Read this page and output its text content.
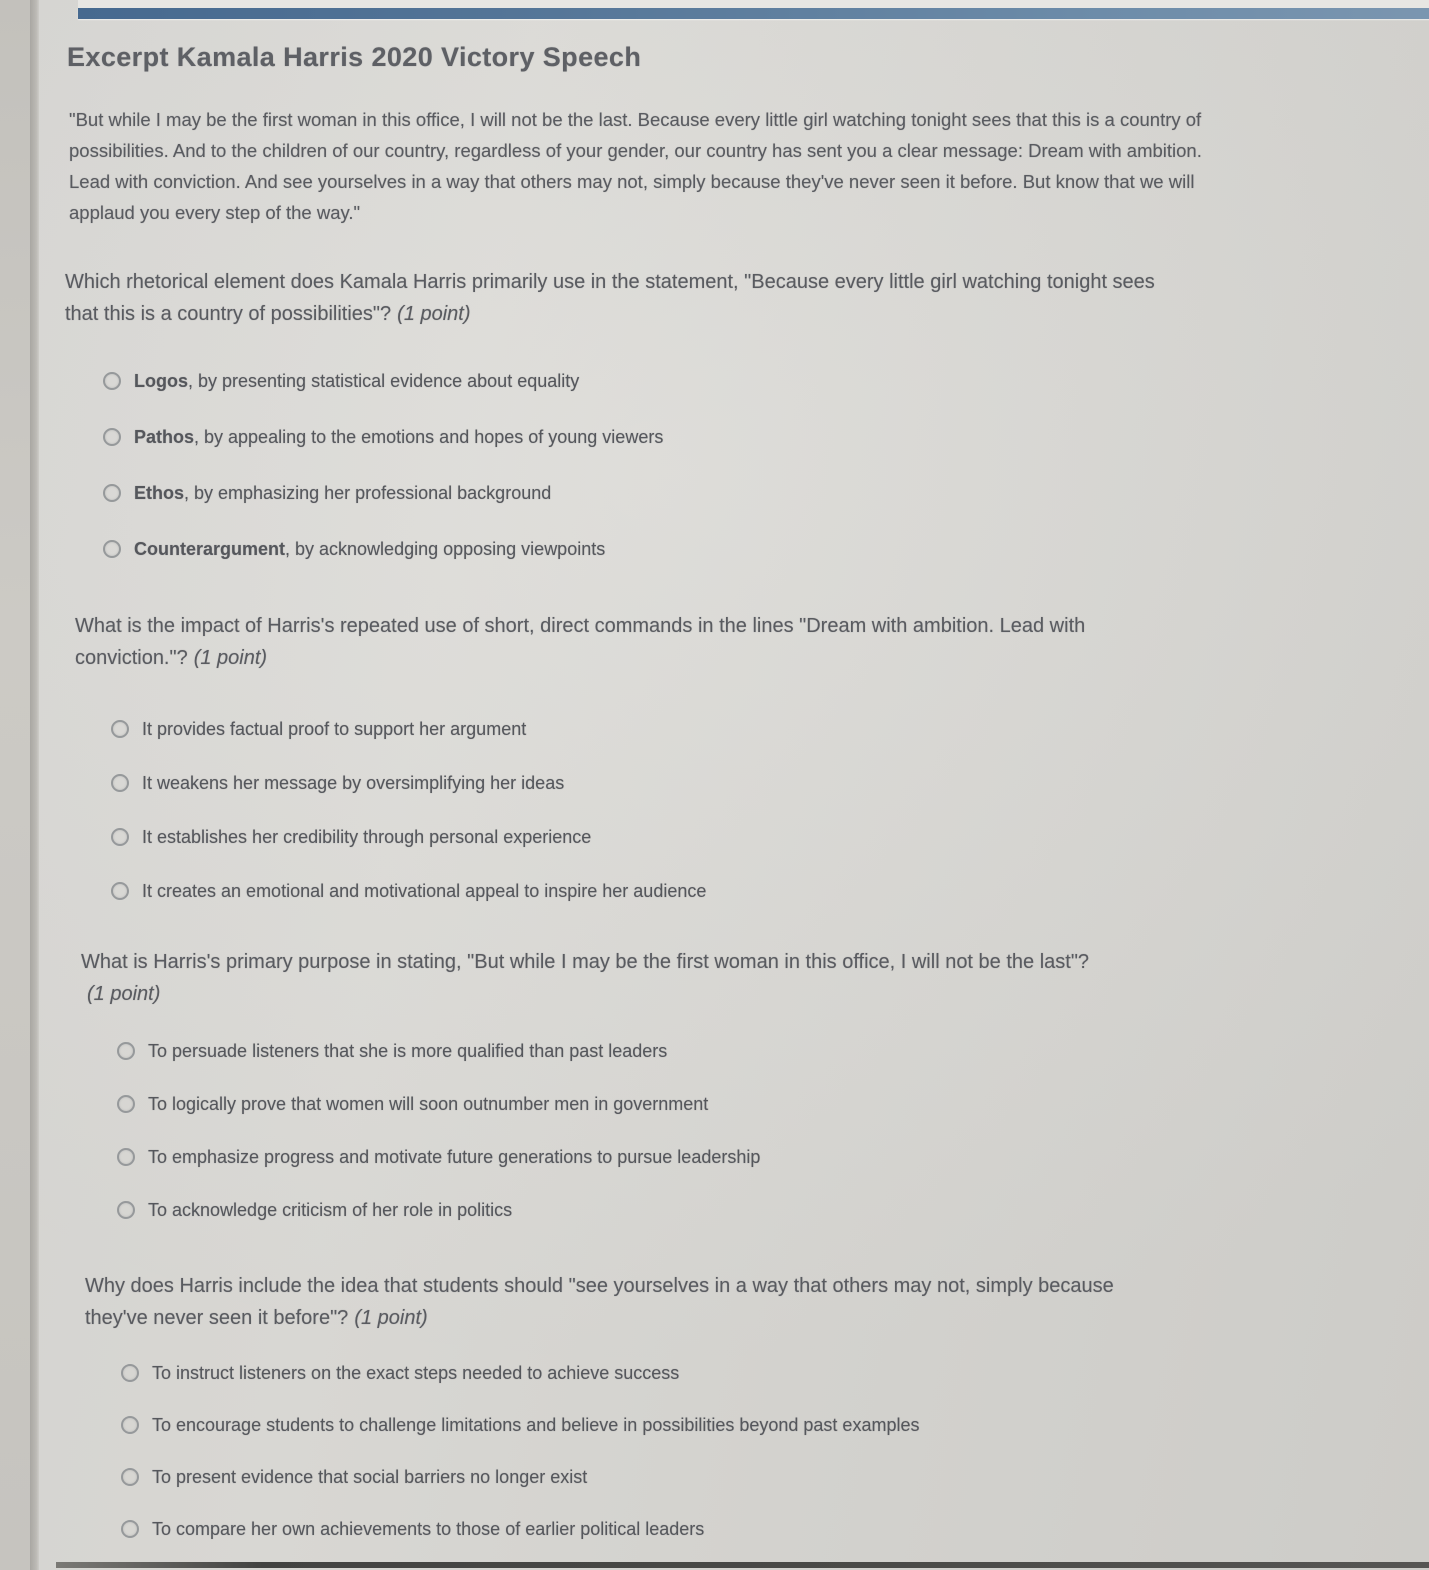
Excerpt Kamala Harris 2020 Victory Speech
"But while I may be the first woman in this office, I will not be the last. Because every little girl watching tonight sees that this is a country of
possibilities. And to the children of our country, regardless of your gender, our country has sent you a clear message: Dream with ambition.
Lead with conviction. And see yourselves in a way that others may not, simply because they've never seen it before. But know that we will
applaud you every step of the way."
Which rhetorical element does Kamala Harris primarily use in the statement, "Because every little girl watching tonight sees
that this is a country of possibilities"? (1 point)
Logos, by presenting statistical evidence about equality
Pathos, by appealing to the emotions and hopes of young viewers
Ethos, by emphasizing her professional background
Counterargument, by acknowledging opposing viewpoints
What is the impact of Harris's repeated use of short, direct commands in the lines "Dream with ambition. Lead with
conviction."? (1 point)
It provides factual proof to support her argument
It weakens her message by oversimplifying her ideas
It establishes her credibility through personal experience
It creates an emotional and motivational appeal to inspire her audience
What is Harris's primary purpose in stating, "But while I may be the first woman in this office, I will not be the last"?
(1 point)
To persuade listeners that she is more qualified than past leaders
To logically prove that women will soon outnumber men in government
To emphasize progress and motivate future generations to pursue leadership
To acknowledge criticism of her role in politics
Why does Harris include the idea that students should "see yourselves in a way that others may not, simply because
they've never seen it before"? (1 point)
To instruct listeners on the exact steps needed to achieve success
To encourage students to challenge limitations and believe in possibilities beyond past examples
To present evidence that social barriers no longer exist
To compare her own achievements to those of earlier political leaders
